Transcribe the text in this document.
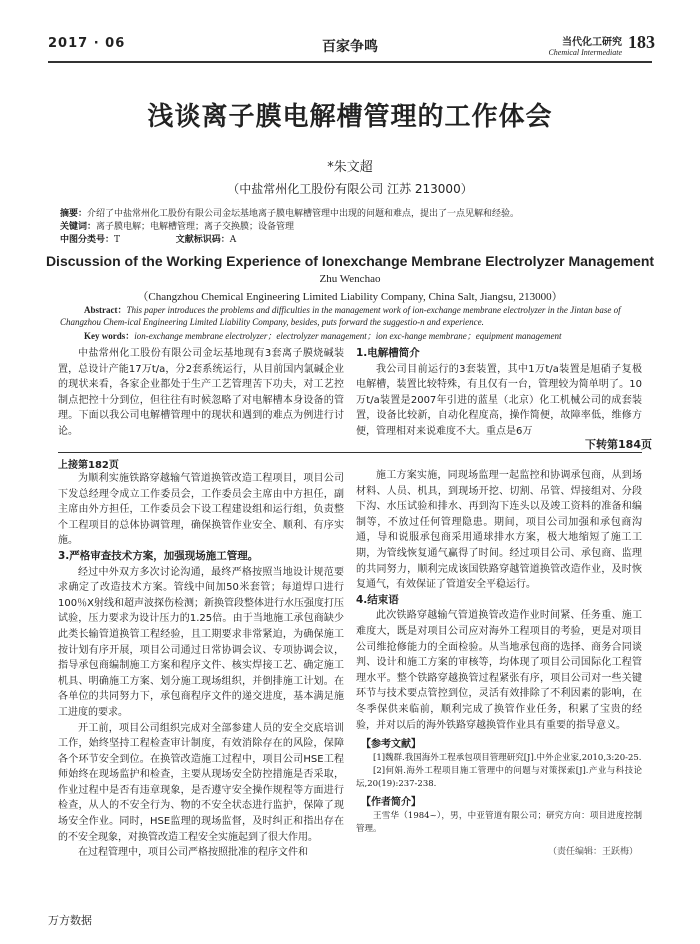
2017 · 06	百家争鸣	当代化工研究
Chemical Intermediate
183
浅谈离子膜电解槽管理的工作体会
*朱文超
（中盐常州化工股份有限公司 江苏 213000）
摘要：介绍了中盐常州化工股份有限公司金坛基地离子膜电解槽管理中出现的问题和难点，提出了一点见解和经验。
关键词：离子膜电解；电解槽管理；离子交换膜；设备管理
中图分类号：T	文献标识码：A
Discussion of the Working Experience of Ionexchange Membrane Electrolyzer Management
Zhu Wenchao
（Changzhou Chemical Engineering Limited Liability Company, China Salt, Jiangsu, 213000）
Abstract：This paper introduces the problems and difficulties in the management work of ion-exchange membrane electrolyzer in the Jintan base of Changzhou Chem-ical Engineering Limited Liability Company, besides, puts forward the suggestio-n and experience.
Key words：ion-exchange membrane electrolyzer；electrolyzer management；ion exc-hange membrane；equipment management

中盐常州化工股份有限公司金坛基地现有3套离子膜烧碱装置，总设计产能17万t/a，分2套系统运行，从目前国内氯碱企业的现状来看，各家企业都处于生产工艺管理苦下功夫，对工艺控制点把控十分到位，但往往有时候忽略了对电解槽本身设备的管理。下面以我公司电解槽管理中的现状和遇到的难点为例进行讨论。

1.电解槽简介

我公司目前运行的3套装置，其中1万t/a装置是旭硝子复极电解槽，装置比较特殊，有且仅有一台，管理较为简单明了。10万t/a装置是2007年引进的蓝星（北京）化工机械公司的成套装置，设备比较新，自动化程度高，操作简便，故障率低，维修方便，管理相对来说难度不大。重点是6万

下转第184页
上接第182页

为顺利实施铁路穿越输气管道换管改造工程项目，项目公司下发总经理令成立工作委员会，工作委员会主席由中方担任，副主席由外方担任，工作委员会下设工程建设组和运行组，负责整个工程项目的总体协调管理，确保换管作业安全、顺利、有序实施。

3.严格审查技术方案，加强现场施工管理。

经过中外双方多次讨论沟通，最终严格按照当地设计规范要求确定了改造技术方案。管线中间加50米套管；每道焊口进行100％X射线和超声波探伤检测；新换管段整体进行水压强度打压试验，压力要求为设计压力的1.25倍。由于当地施工承包商缺少此类长输管道换管工程经验，且工期要求非常紧迫，为确保施工按计划有序开展，项目公司通过日常协调会议、专项协调会议，指导承包商编制施工方案和程序文件、核实焊接工艺、确定施工机具、明确施工方案、划分施工现场组织，并倒排施工计划。在各单位的共同努力下，承包商程序文件的递交进度，基本满足施工进度的要求。

开工前，项目公司组织完成对全部参建人员的安全交底培训工作，始终坚持工程检查审计制度，有效消除存在的风险，保障各个环节安全到位。在换管改造施工过程中，项目公司HSE工程师始终在现场监护和检查，主要从现场安全防控措施是否采取，作业过程中是否有违章现象，是否遵守安全操作规程等方面进行检查，从人的不安全行为、物的不安全状态进行监护，保障了现场安全作业。同时，HSE监理的现场监督，及时纠正和指出存在的不安全现象，对换管改造工程安全实施起到了很大作用。

在过程管理中，项目公司严格按照批准的程序文件和

施工方案实施，同现场监理一起监控和协调承包商，从到场材料、人员、机具，到现场开挖、切割、吊管、焊接组对、分段下沟、水压试验和排水、再到沟下连头以及竣工资料的准备和编制等，不放过任何管理隐患。期间，项目公司加强和承包商沟通，导和说服承包商采用通球排水方案，极大地缩短了施工工期，为管线恢复通气赢得了时间。经过项目公司、承包商、监理的共同努力，顺利完成该国铁路穿越管道换管改造作业，及时恢复通气，有效保证了管道安全平稳运行。

4.结束语

此次铁路穿越输气管道换管改造作业时间紧、任务重、施工难度大，既是对项目公司应对海外工程项目的考验，更是对项目公司维抢修能力的全面检验。从当地承包商的选择、商务合同谈判、设计和施工方案的审核等，均体现了项目公司国际化工程管理水平。整个铁路穿越换管过程紧张有序，项目公司对一些关键环节与技术要点管控到位，灵活有效排除了不利因素的影响，在冬季保供来临前，顺利完成了换管作业任务，积累了宝贵的经验，并对以后的海外铁路穿越换管作业具有重要的指导意义。

【参考文献】
[1]魏群.我国海外工程承包项目管理研究[J].中外企业家,2010,3:20-25.
[2]何娟.海外工程项目施工管理中的问题与对策探索[J].产业与科技论坛,20(19):237-238.
【作者简介】
王雪华（1984~），男，中亚管道有限公司；研究方向：项目进度控制管理。
（责任编辑：王跃梅）
万方数据
